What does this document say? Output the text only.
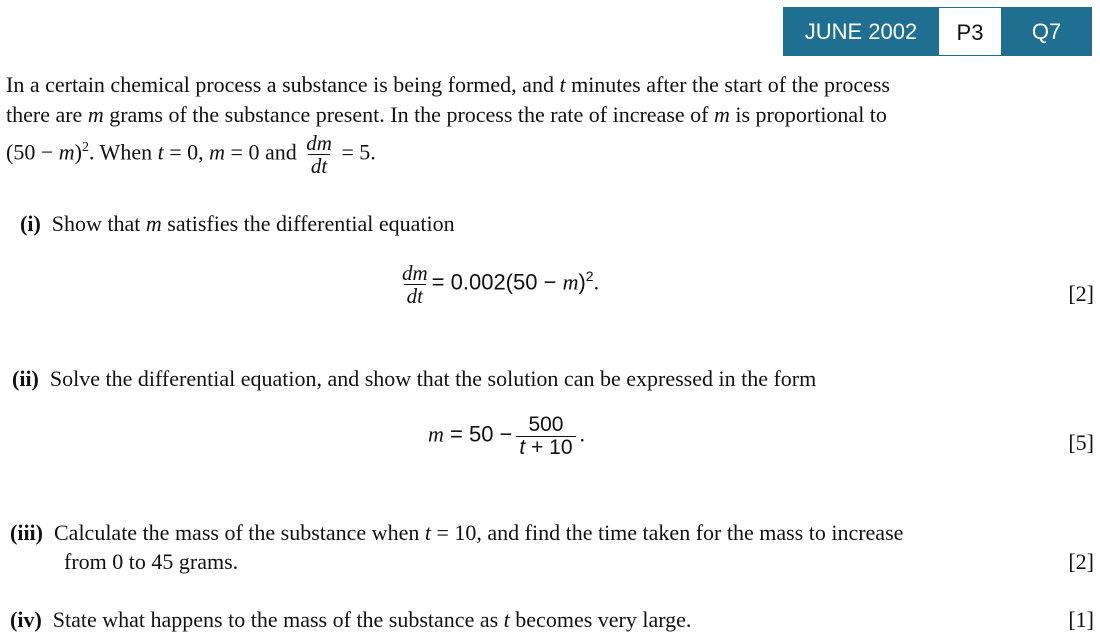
JUNE 2002	P3	Q7
In a certain chemical process a substance is being formed, and t minutes after the start of the process
there are m grams of the substance present. In the process the rate of increase of m is proportional to
$(50 - m)^2$. When t = 0, m = 0 and $\frac{dm}{dt} = 5$.
(i) Show that m satisfies the differential equation
$\frac{dm}{dt} = 0.002(50 - m)^2$.	[2]
(ii) Solve the differential equation, and show that the solution can be expressed in the form
$m = 50 - \frac{500}{t + 10}$ .	[5]
(iii) Calculate the mass of the substance when t = 10, and find the time taken for the mass to increase
from 0 to 45 grams.	[2]
(iv) State what happens to the mass of the substance as t becomes very large.	[1]
